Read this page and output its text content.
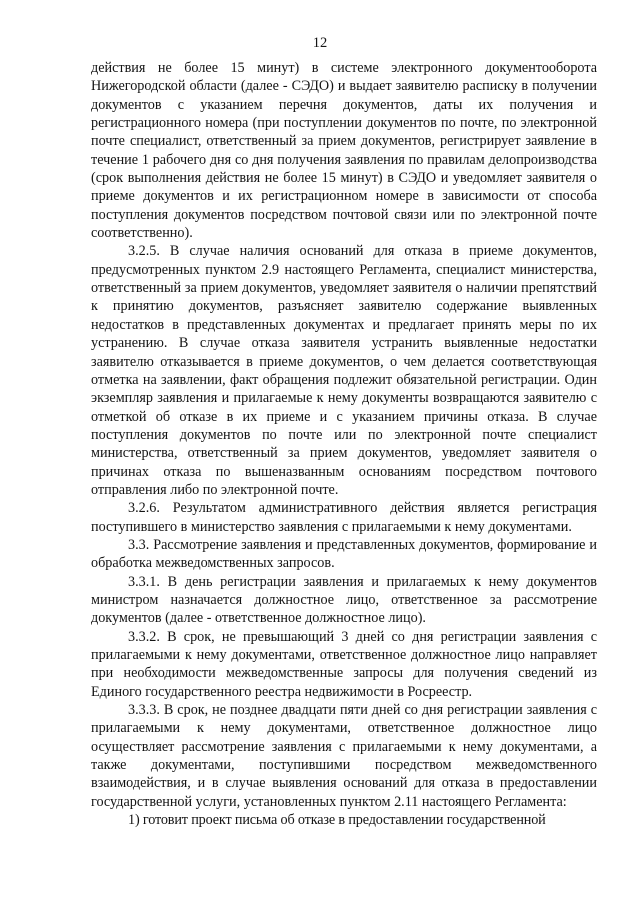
12

действия не более 15 минут) в системе электронного документооборота Нижегородской области (далее - СЭДО) и выдает заявителю расписку в получении документов с указанием перечня документов, даты их получения и регистрационного номера (при поступлении документов по почте, по электронной почте специалист, ответственный за прием документов, регистрирует заявление в течение 1 рабочего дня со дня получения заявления по правилам делопроизводства (срок выполнения действия не более 15 минут) в СЭДО и уведомляет заявителя о приеме документов и их регистрационном номере в зависимости от способа поступления документов посредством почтовой связи или по электронной почте соответственно).

3.2.5. В случае наличия оснований для отказа в приеме документов, предусмотренных пунктом 2.9 настоящего Регламента, специалист министерства, ответственный за прием документов, уведомляет заявителя о наличии препятствий к принятию документов, разъясняет заявителю содержание выявленных недостатков в представленных документах и предлагает принять меры по их устранению. В случае отказа заявителя устранить выявленные недостатки заявителю отказывается в приеме документов, о чем делается соответствующая отметка на заявлении, факт обращения подлежит обязательной регистрации. Один экземпляр заявления и прилагаемые к нему документы возвращаются заявителю с отметкой об отказе в их приеме и с указанием причины отказа. В случае поступления документов по почте или по электронной почте специалист министерства, ответственный за прием документов, уведомляет заявителя о причинах отказа по вышеназванным основаниям посредством почтового отправления либо по электронной почте.

3.2.6. Результатом административного действия является регистрация поступившего в министерство заявления с прилагаемыми к нему документами.

3.3. Рассмотрение заявления и представленных документов, формирование и обработка межведомственных запросов.

3.3.1. В день регистрации заявления и прилагаемых к нему документов министром назначается должностное лицо, ответственное за рассмотрение документов (далее - ответственное должностное лицо).

3.3.2. В срок, не превышающий 3 дней со дня регистрации заявления с прилагаемыми к нему документами, ответственное должностное лицо направляет при необходимости межведомственные запросы для получения сведений из Единого государственного реестра недвижимости в Росреестр.

3.3.3. В срок, не позднее двадцати пяти дней со дня регистрации заявления с прилагаемыми к нему документами, ответственное должностное лицо осуществляет рассмотрение заявления с прилагаемыми к нему документами, а также документами, поступившими посредством межведомственного взаимодействия, и в случае выявления оснований для отказа в предоставлении государственной услуги, установленных пунктом 2.11 настоящего Регламента:

1) готовит проект письма об отказе в предоставлении государственной
